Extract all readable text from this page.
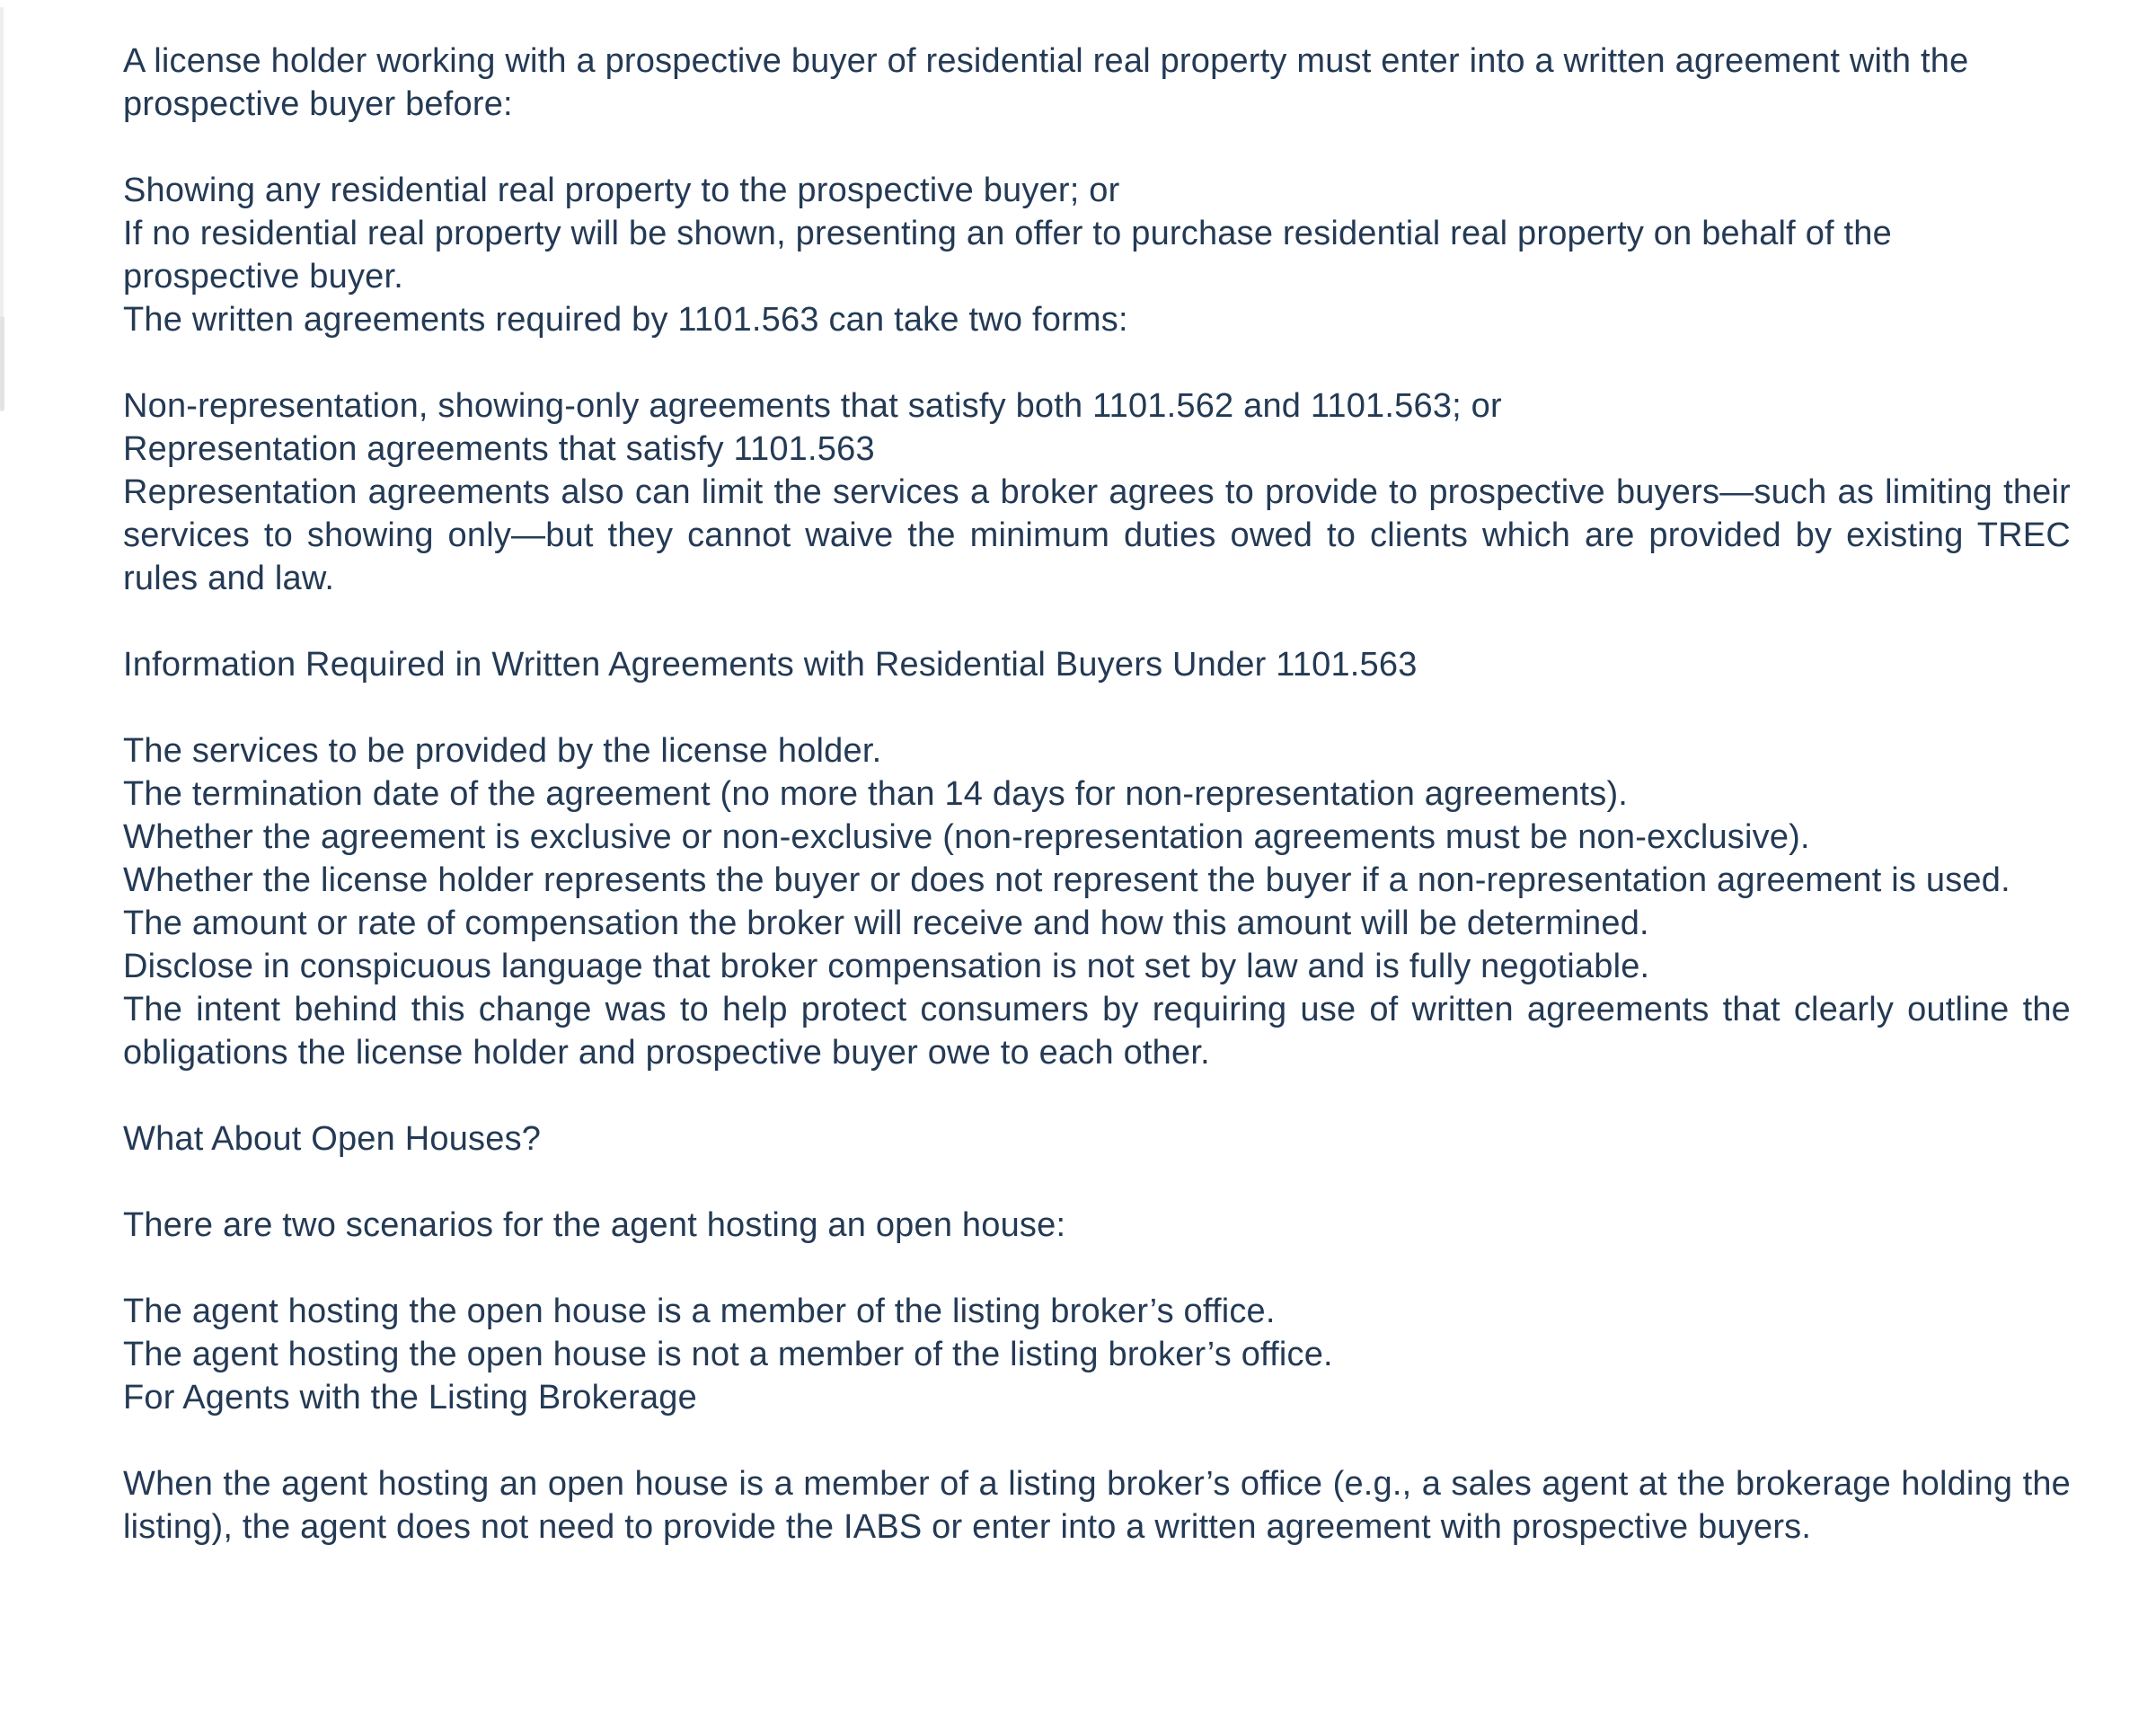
A license holder working with a prospective buyer of residential real property must enter into a written agreement with the prospective buyer before:

Showing any residential real property to the prospective buyer; or

If no residential real property will be shown, presenting an offer to purchase residential real property on behalf of the prospective buyer.

The written agreements required by 1101.563 can take two forms:

Non-representation, showing-only agreements that satisfy both 1101.562 and 1101.563; or

Representation agreements that satisfy 1101.563

Representation agreements also can limit the services a broker agrees to provide to prospective buyers—such as limiting their services to showing only—but they cannot waive the minimum duties owed to clients which are provided by existing TREC rules and law.

Information Required in Written Agreements with Residential Buyers Under 1101.563

The services to be provided by the license holder.

The termination date of the agreement (no more than 14 days for non-representation agreements).

Whether the agreement is exclusive or non-exclusive (non-representation agreements must be non-exclusive).

Whether the license holder represents the buyer or does not represent the buyer if a non-representation agreement is used.

The amount or rate of compensation the broker will receive and how this amount will be determined.

Disclose in conspicuous language that broker compensation is not set by law and is fully negotiable.

The intent behind this change was to help protect consumers by requiring use of written agreements that clearly outline the obligations the license holder and prospective buyer owe to each other.

What About Open Houses?

There are two scenarios for the agent hosting an open house:

The agent hosting the open house is a member of the listing broker’s office.

The agent hosting the open house is not a member of the listing broker’s office.

For Agents with the Listing Brokerage

When the agent hosting an open house is a member of a listing broker’s office (e.g., a sales agent at the brokerage holding the listing), the agent does not need to provide the IABS or enter into a written agreement with prospective buyers.
